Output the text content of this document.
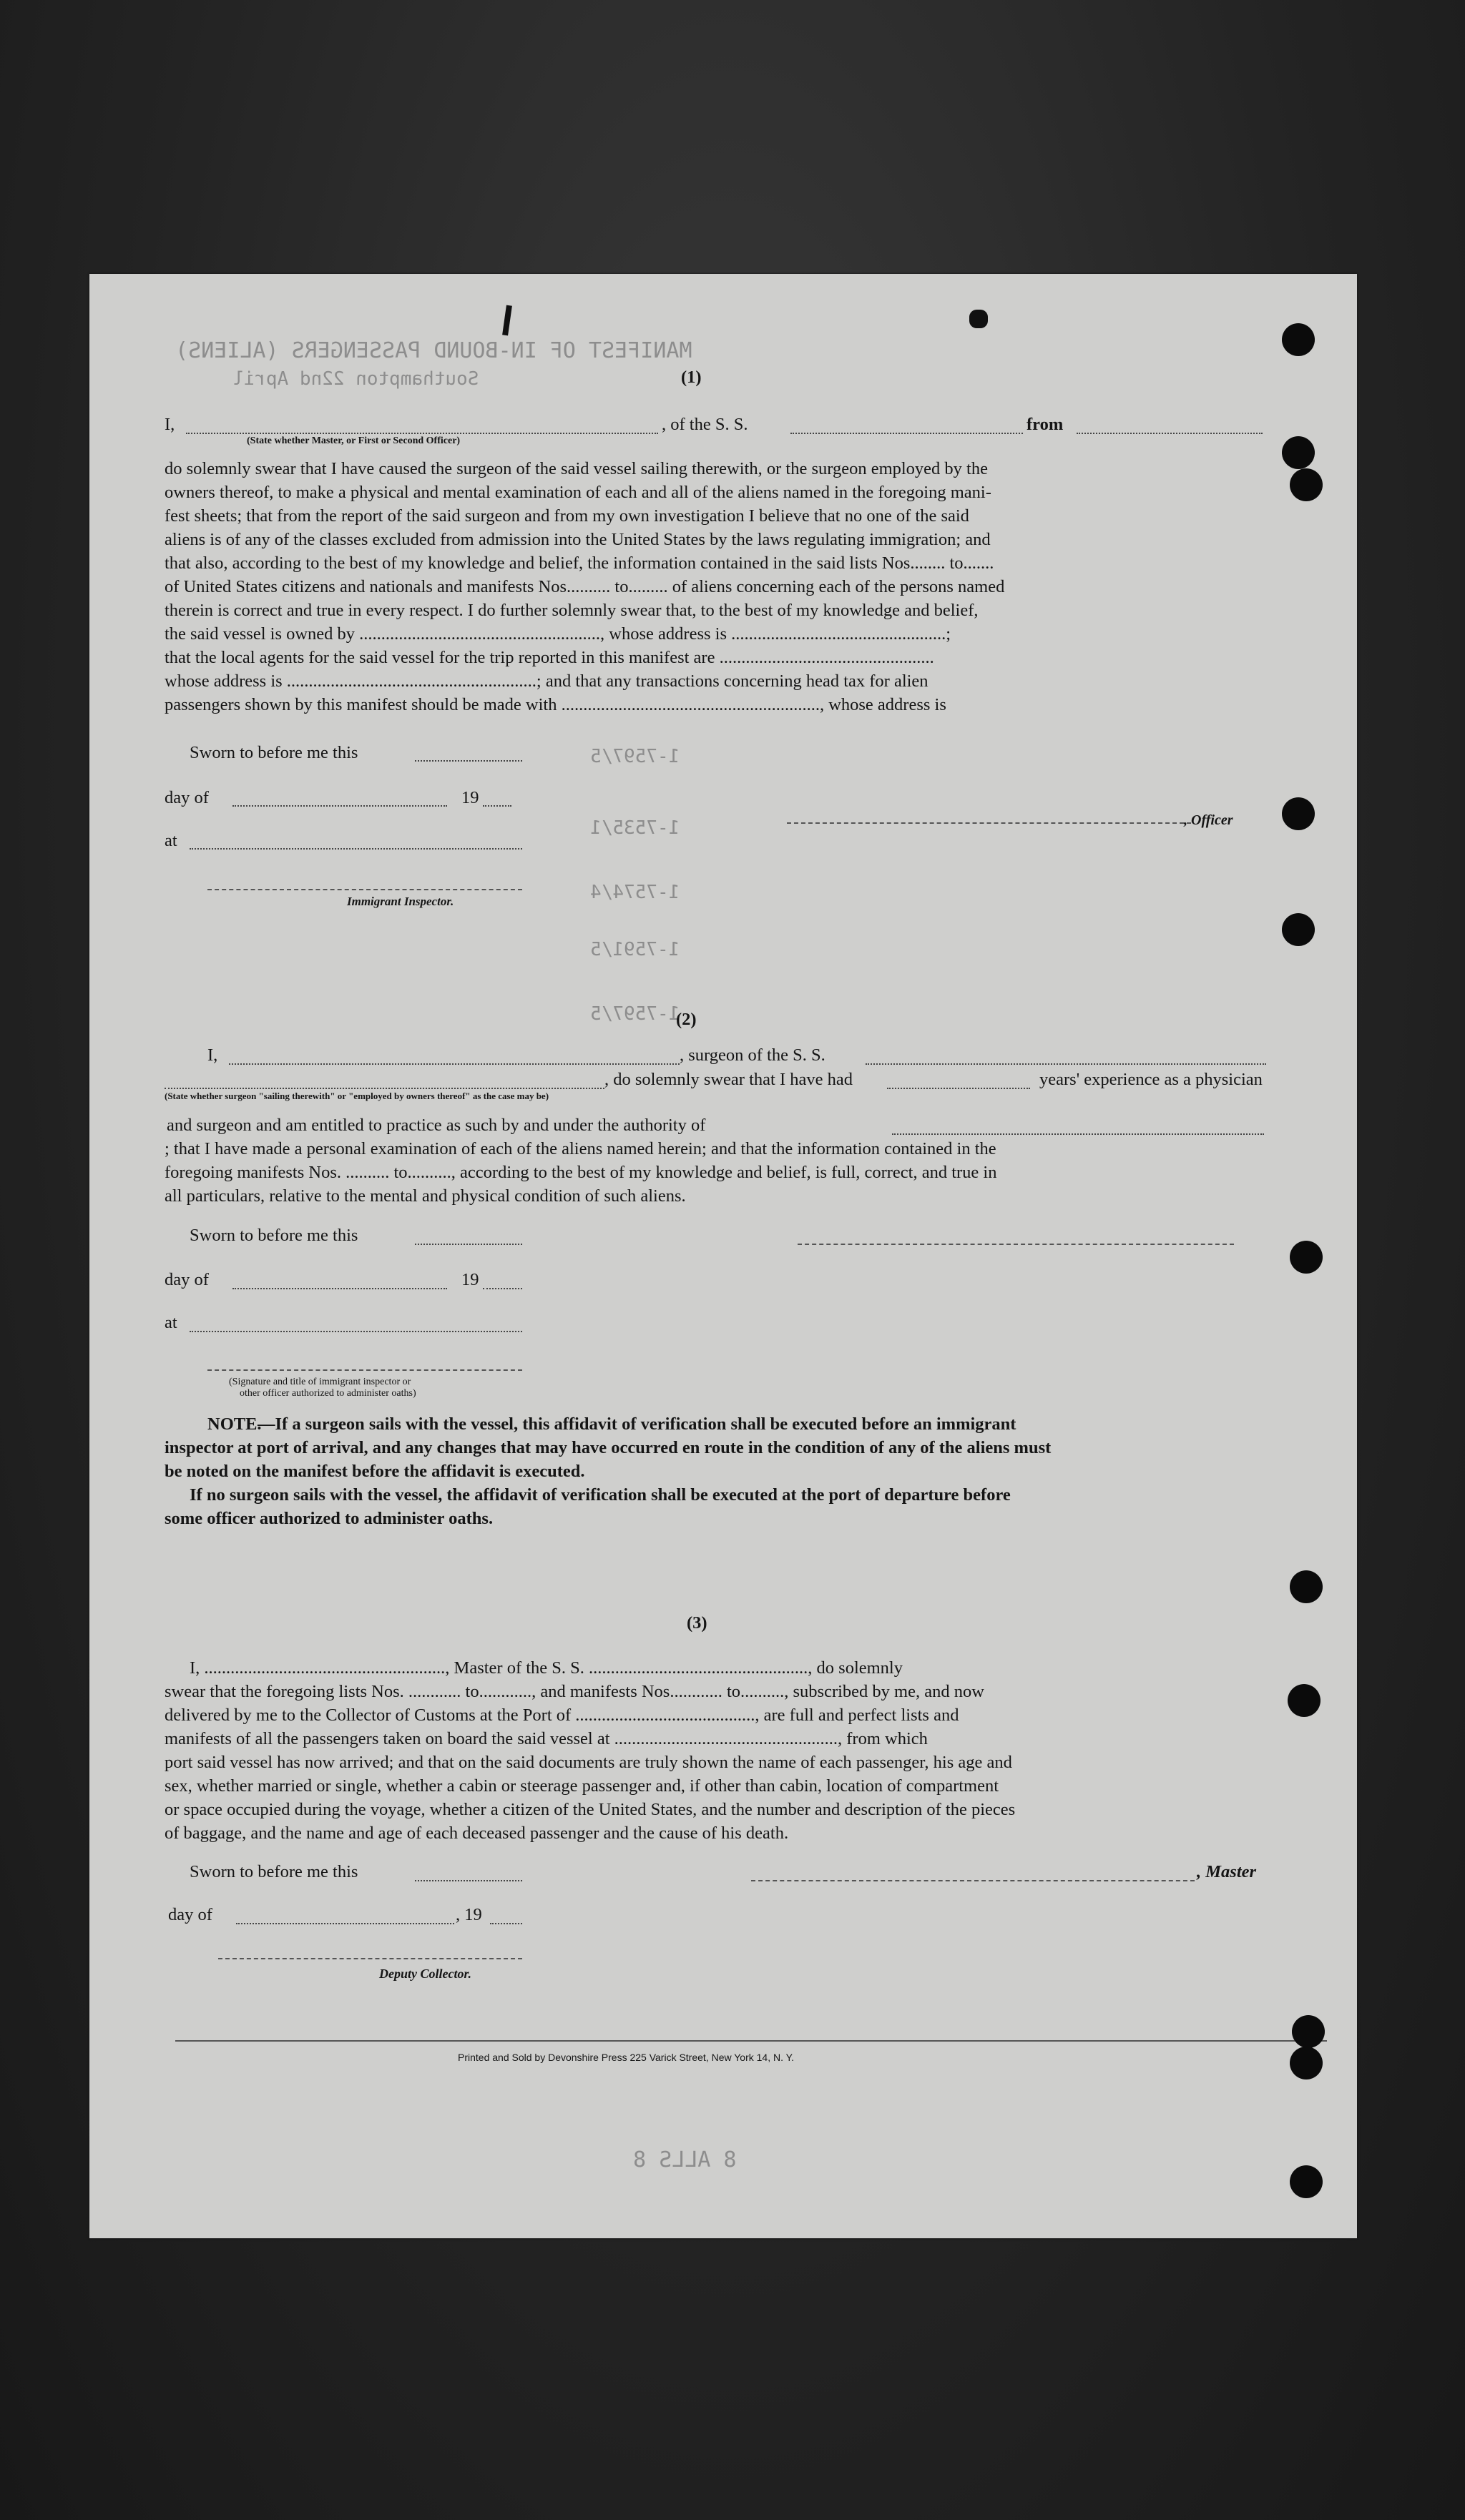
MANIFEST OF IN-BOUND PASSENGERS (ALIENS)
Southampton 22nd April
1-7597/5
1-7535/1
1-7574/4
1-7591/5
1-7597/5
8 ALLS 8
(1)
I,	, of the S. S.	from
(State whether Master, or First or Second Officer)
do solemnly swear that I have caused the surgeon of the said vessel sailing therewith, or the surgeon employed by the
owners thereof, to make a physical and mental examination of each and all of the aliens named in the foregoing mani-
fest sheets; that from the report of the said surgeon and from my own investigation I believe that no one of the said
aliens is of any of the classes excluded from admission into the United States by the laws regulating immigration; and
that also, according to the best of my knowledge and belief, the information contained in the said lists Nos........ to.......
of United States citizens and nationals and manifests Nos.......... to......... of aliens concerning each of the persons named
therein is correct and true in every respect. I do further solemnly swear that, to the best of my knowledge and belief,
the said vessel is owned by ......................................................., whose address is .................................................;
that the local agents for the said vessel for the trip reported in this manifest are .................................................
whose address is .........................................................; and that any transactions concerning head tax for alien
passengers shown by this manifest should be made with ..........................................................., whose address is
Sworn to before me this
day of	19
at
Immigrant Inspector.
, Officer
(2)
I,	, surgeon of the S. S.
, do solemnly swear that I have had	years' experience as a physician
(State whether surgeon "sailing therewith" or "employed by owners thereof" as the case may be)
and surgeon and am entitled to practice as such by and under the authority of
; that I have made a personal examination of each of the aliens named herein; and that the information contained in the
foregoing manifests Nos. .......... to.........., according to the best of my knowledge and belief, is full, correct, and true in
all particulars, relative to the mental and physical condition of such aliens.
Sworn to before me this
day of	19
at
(Signature and title of immigrant inspector or
other officer authorized to administer oaths)
NOTE.
—If a surgeon sails with the vessel, this affidavit of verification shall be executed before an immigrant
inspector at port of arrival, and any changes that may have occurred en route in the condition of any of the aliens must
be noted on the manifest before the affidavit is executed.
If no surgeon sails with the vessel, the affidavit of verification shall be executed at the port of departure before
some officer authorized to administer oaths.
(3)
I, ......................................................., Master of the S. S. .................................................., do solemnly
swear that the foregoing lists Nos. ............ to............, and manifests Nos............ to.........., subscribed by me, and now
delivered by me to the Collector of Customs at the Port of ........................................., are full and perfect lists and
manifests of all the passengers taken on board the said vessel at ..................................................., from which
port said vessel has now arrived; and that on the said documents are truly shown the name of each passenger, his age and
sex, whether married or single, whether a cabin or steerage passenger and, if other than cabin, location of compartment
or space occupied during the voyage, whether a citizen of the United States, and the number and description of the pieces
of baggage, and the name and age of each deceased passenger and the cause of his death.
Sworn to before me this	, Master
day of	, 19
Deputy Collector.
Printed and Sold by Devonshire Press 225 Varick Street, New York 14, N. Y.
